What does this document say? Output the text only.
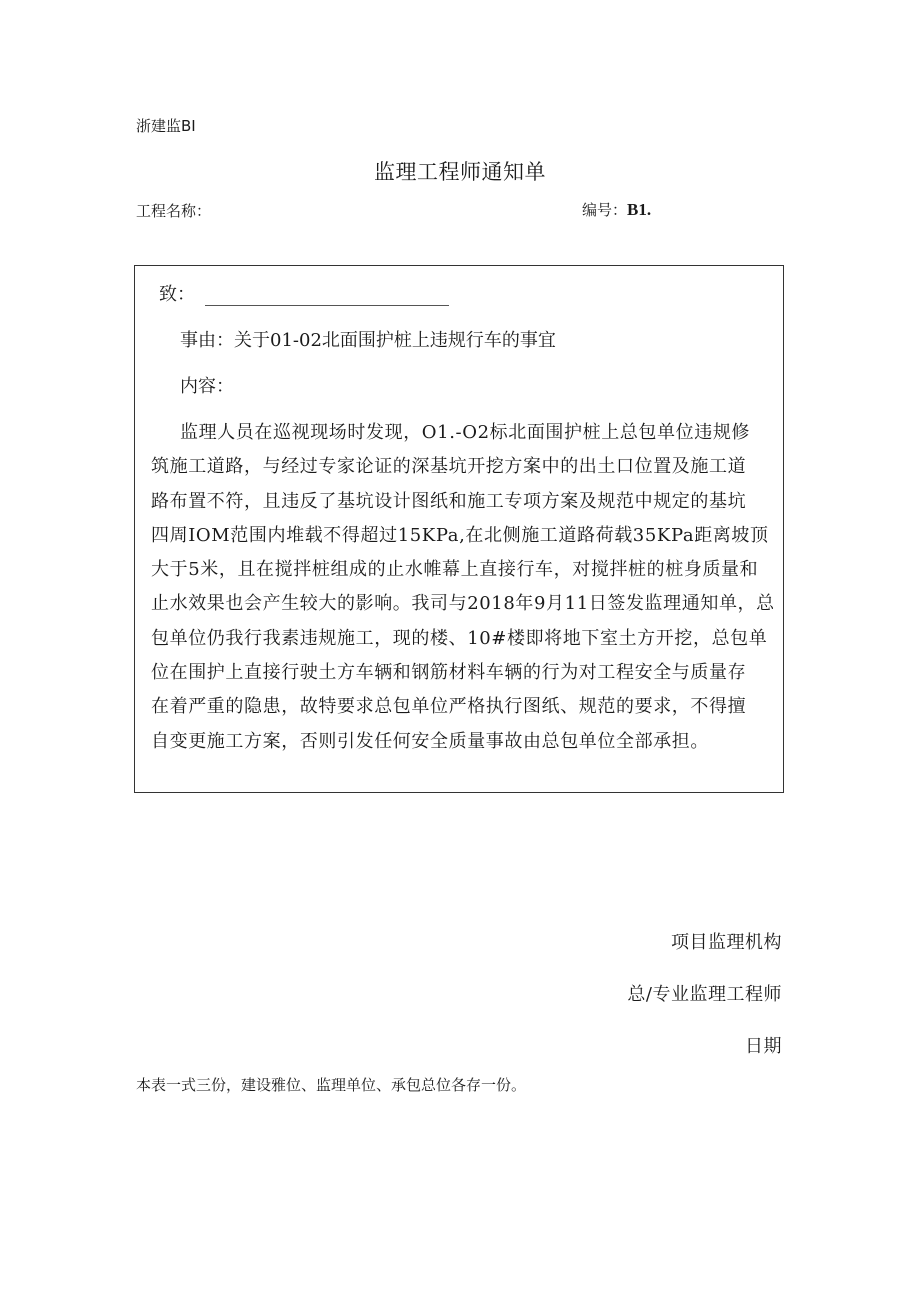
浙建监BI
监理工程师通知单
工程名称：	编号：B1.
致：
事由：关于01-02北面围护桩上违规行车的事宜
内容：
监理人员在巡视现场时发现，O1.-O2标北面围护桩上总包单位违规修
筑施工道路，与经过专家论证的深基坑开挖方案中的出土口位置及施工道
路布置不符，且违反了基坑设计图纸和施工专项方案及规范中规定的基坑
四周IOM范围内堆载不得超过15KPa,在北侧施工道路荷载35KPa距离坡顶
大于5米，且在搅拌桩组成的止水帷幕上直接行车，对搅拌桩的桩身质量和
止水效果也会产生较大的影响。我司与2018年9月11日签发监理通知单，总
包单位仍我行我素违规施工，现的楼、10#楼即将地下室土方开挖，总包单
位在围护上直接行驶土方车辆和钢筋材料车辆的行为对工程安全与质量存
在着严重的隐患，故特要求总包单位严格执行图纸、规范的要求，不得擅
自变更施工方案，否则引发任何安全质量事故由总包单位全部承担。
项目监理机构
总/专业监理工程师
日期
本表一式三份，建设雅位、监理单位、承包总位各存一份。
